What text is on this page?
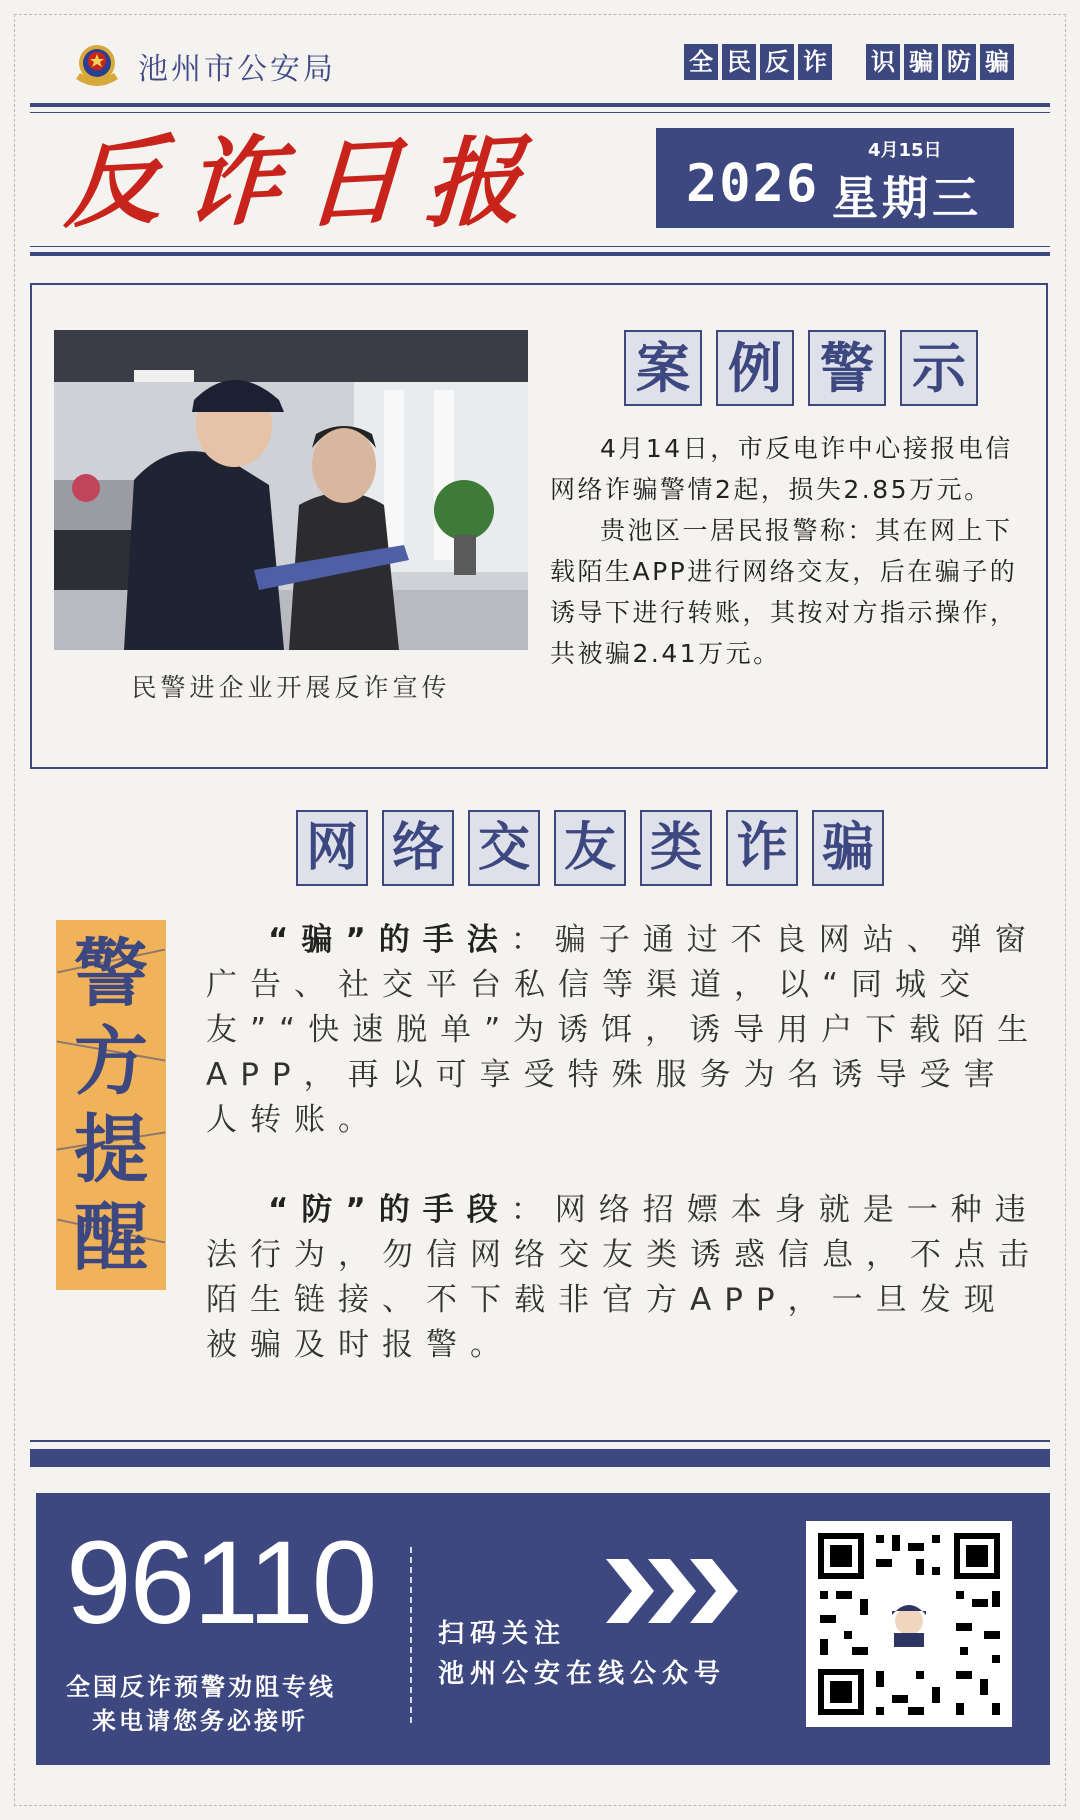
池州市公安局	全 民 反 诈 识 骗 防 骗
反 诈 日 报	4月15日
2026 星期三
民警进企业开展反诈宣传
案 例 警 示

4月14日，市反电诈中心接报电信网络诈骗警情2起，损失2.85万元。

贵池区一居民报警称：其在网上下载陌生APP进行网络交友，后在骗子的诱导下进行转账，其按对方指示操作，共被骗2.41万元。

网 络 交 友 类 诈 骗
警
方
提
醒

“骗”的手法：骗子通过不良网站、弹窗广告、社交平台私信等渠道，以“同城交友”“快速脱单”为诱饵，诱导用户下载陌生APP，再以可享受特殊服务为名诱导受害人转账。

“防”的手段：网络招嫖本身就是一种违法行为，勿信网络交友类诱惑信息，不点击陌生链接、不下载非官方APP，一旦发现被骗及时报警。

96110
全国反诈预警劝阻专线
来电请您务必接听
扫码关注
池州公安在线公众号
